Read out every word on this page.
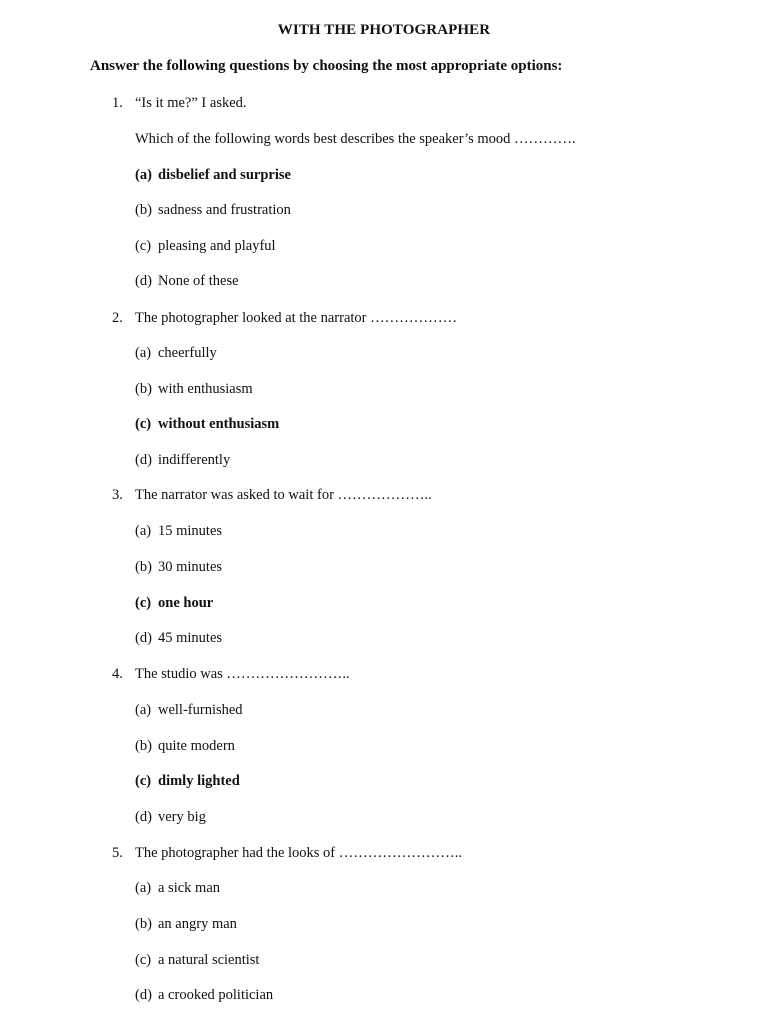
WITH THE PHOTOGRAPHER
Answer the following questions by choosing the most appropriate options:
1. “Is it me?” I asked.
Which of the following words best describes the speaker’s mood ………….
(a) disbelief and surprise
(b) sadness and frustration
(c) pleasing and playful
(d) None of these
2. The photographer looked at the narrator ………………
(a) cheerfully
(b) with enthusiasm
(c) without enthusiasm
(d) indifferently
3. The narrator was asked to wait for ………………..
(a) 15 minutes
(b) 30 minutes
(c) one hour
(d) 45 minutes
4. The studio was ……………………..
(a) well-furnished
(b) quite modern
(c) dimly lighted
(d) very big
5. The photographer had the looks of ……………………..
(a) a sick man
(b) an angry man
(c) a natural scientist
(d) a crooked politician
